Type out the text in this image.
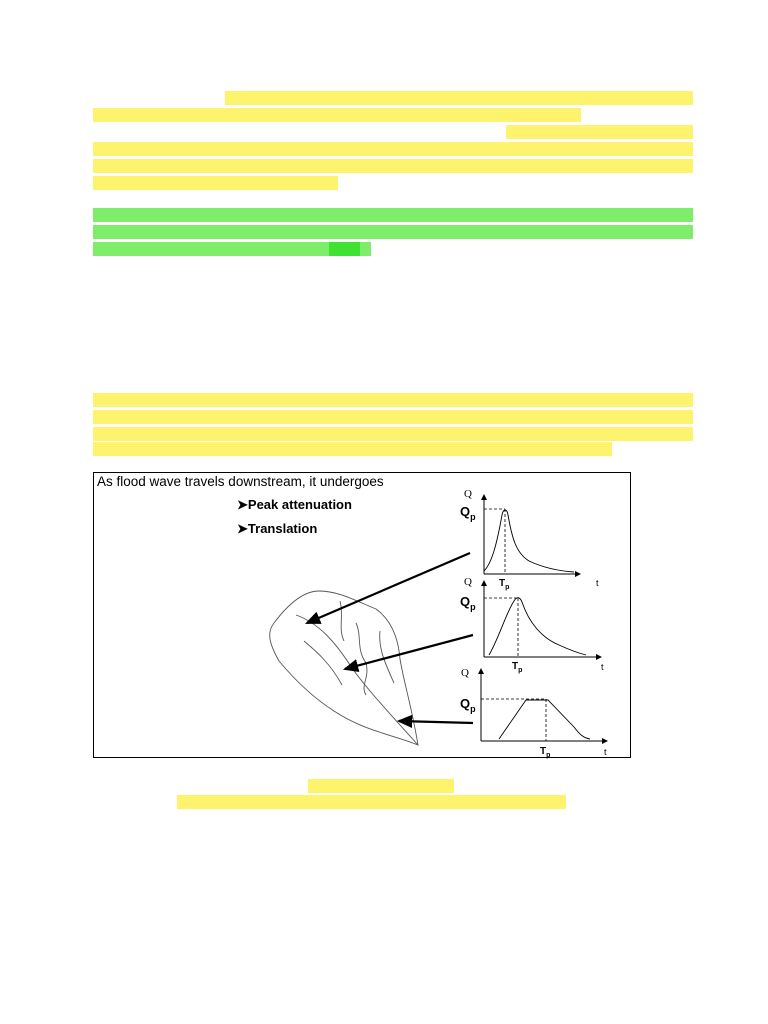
As flood wave travels downstream, it undergoes
➤Peak attenuation
➤Translation
Q
Q
Q
t
t
t
$Q_p$
$Q_p$
$Q_p$
$T_p$
$T_p$
$T_p$
